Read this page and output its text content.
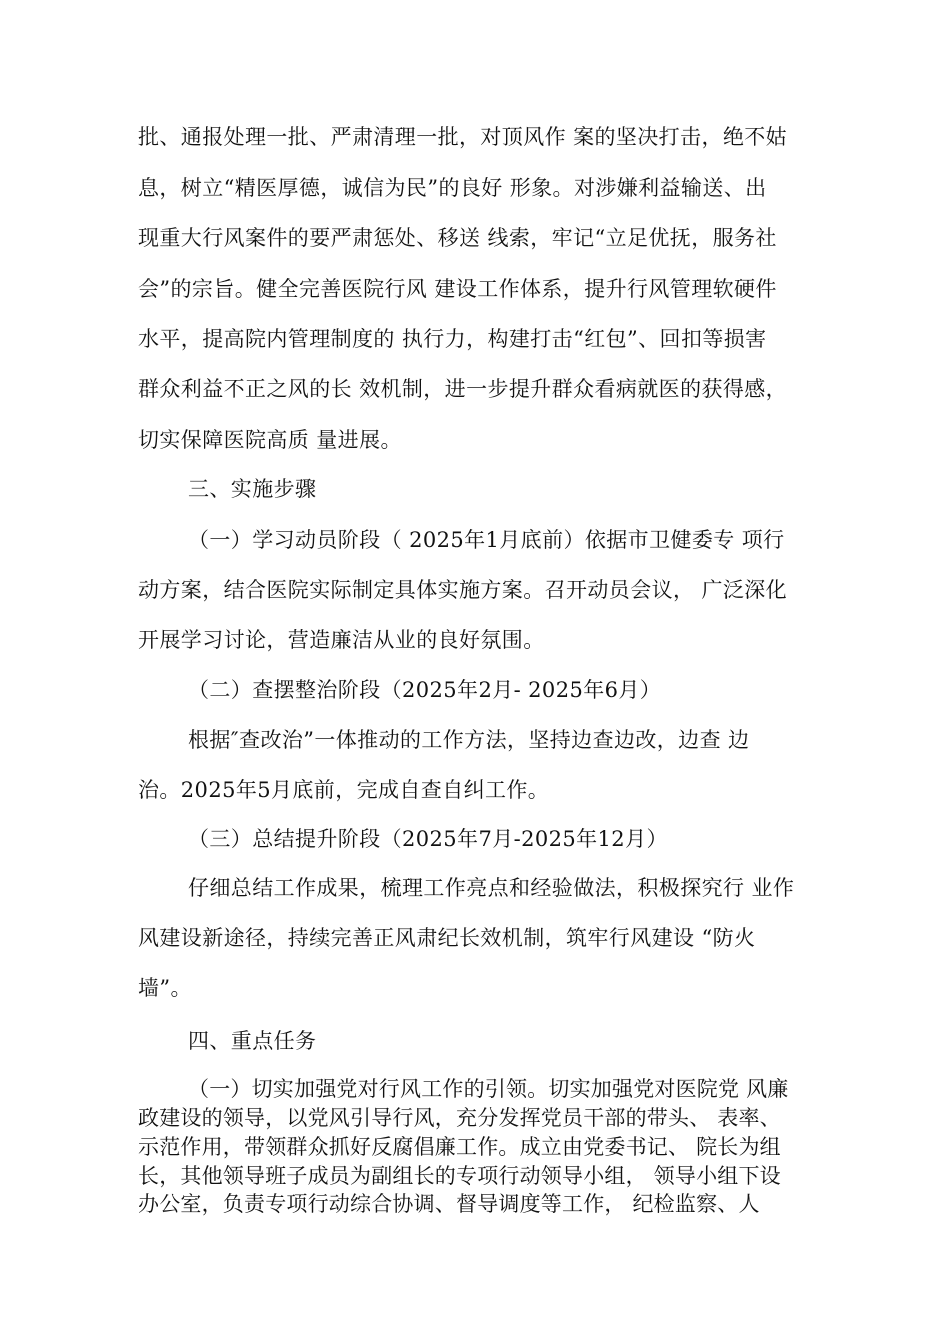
批、通报处理一批、严肃清理一批，对顶风作 案的坚决打击，绝不姑
息，树立“精医厚德，诚信为民”的良好 形象。对涉嫌利益输送、出
现重大行风案件的要严肃惩处、移送 线索，牢记“立足优抚，服务社
会”的宗旨。健全完善医院行风 建设工作体系，提升行风管理软硬件
水平，提高院内管理制度的 执行力，构建打击“红包”、回扣等损害
群众利益不正之风的长 效机制，进一步提升群众看病就医的获得感，
切实保障医院高质 量进展。
三、实施步骤
（一）学习动员阶段（ 2025年1月底前）依据市卫健委专 项行
动方案，结合医院实际制定具体实施方案。召开动员会议， 广泛深化
开展学习讨论，营造廉洁从业的良好氛围。
（二）查摆整治阶段（2025年2月- 2025年6月）
根据″查改治”一体推动的工作方法，坚持边查边改，边查 边
治。2025年5月底前，完成自查自纠工作。
（三）总结提升阶段（2025年7月-2025年12月）
仔细总结工作成果，梳理工作亮点和经验做法，积极探究行 业作
风建设新途径，持续完善正风肃纪长效机制，筑牢行风建设 “防火
墙”。
四、重点任务
（一）切实加强党对行风工作的引领。切实加强党对医院党 风廉
政建设的领导，以党风引导行风，充分发挥党员干部的带头、 表率、
示范作用，带领群众抓好反腐倡廉工作。成立由党委书记、 院长为组
长，其他领导班子成员为副组长的专项行动领导小组， 领导小组下设
办公室，负责专项行动综合协调、督导调度等工作， 纪检监察、人
